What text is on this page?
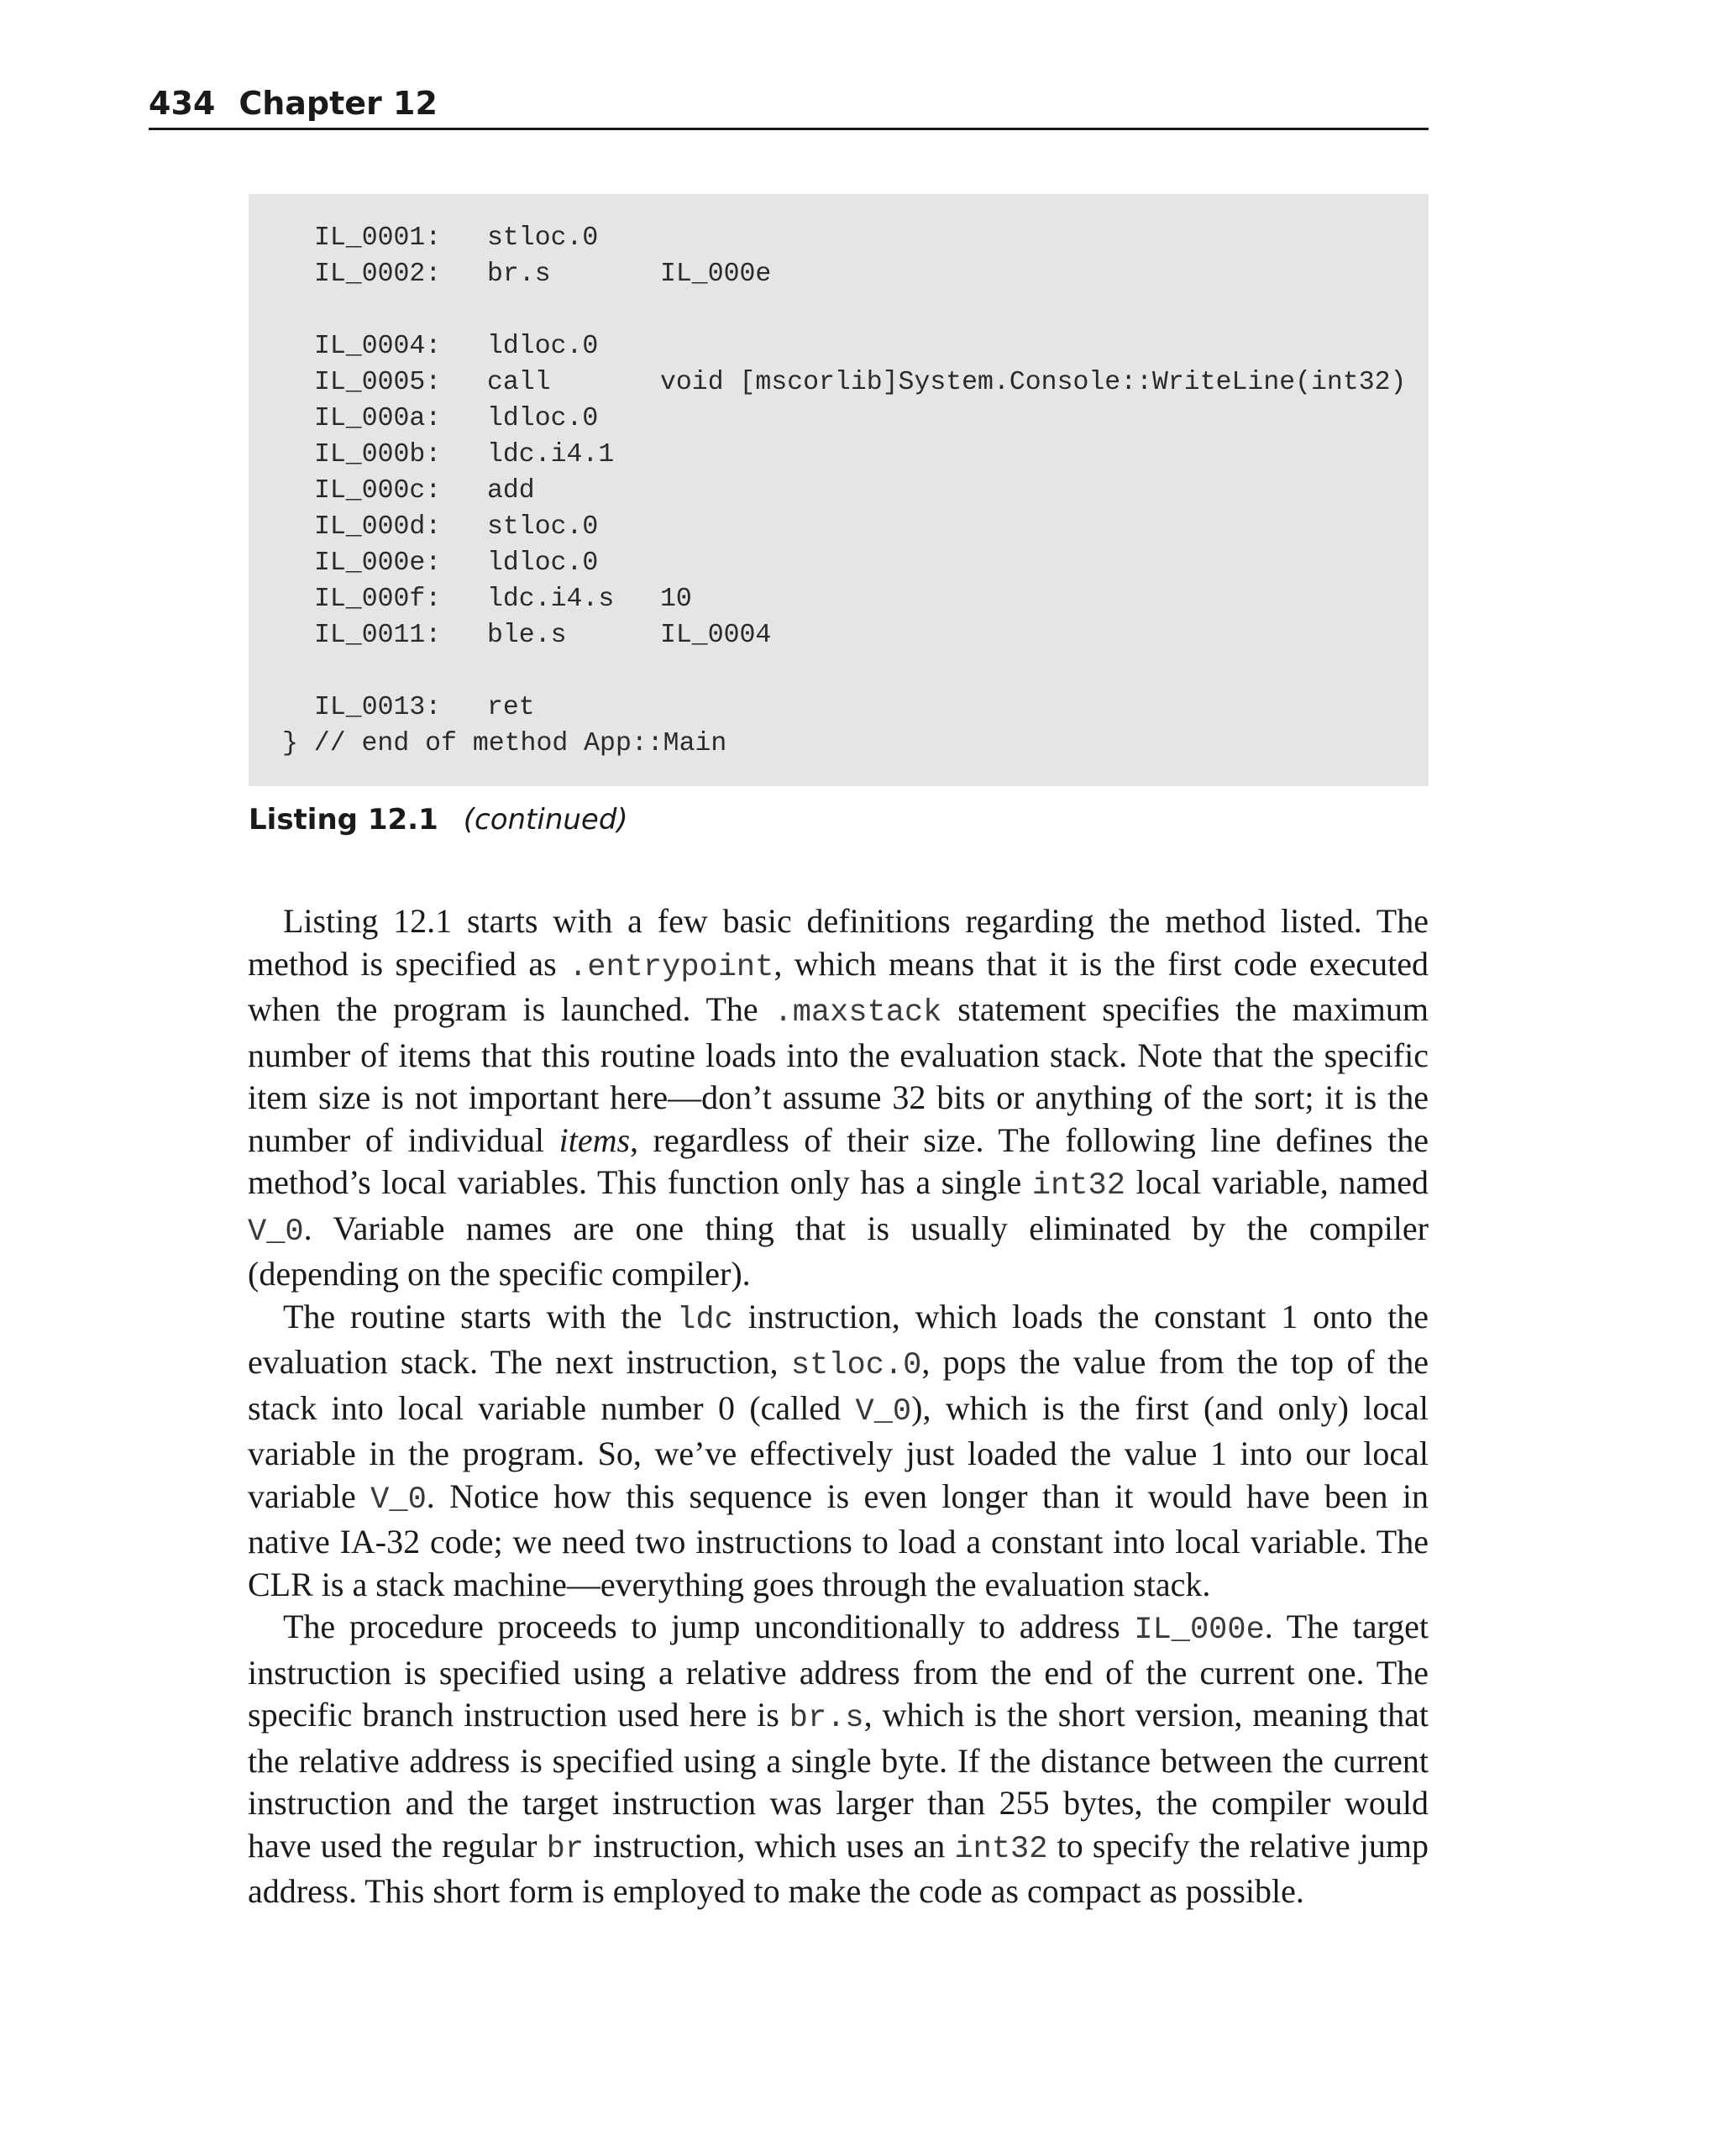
434 Chapter 12
IL_0001: stloc.0
IL_0002: br.s	IL_000e
IL_0004: ldloc.0
IL_0005: call	void [mscorlib]System.Console::WriteLine(int32)
IL_000a: ldloc.0
IL_000b: ldc.i4.1
IL_000c: add
IL_000d: stloc.0
IL_000e: ldloc.0
IL_000f: ldc.i4.s 10
IL_0011: ble.s	IL_0004
IL_0013: ret
} // end of method App::Main
Listing 12.1 (continued)

Listing 12.1 starts with a few basic definitions regarding the method listed. The method is specified as .entrypoint, which means that it is the first code executed when the program is launched. The .maxstack statement specifies the maximum number of items that this routine loads into the evaluation stack. Note that the specific item size is not important here—don’t assume 32 bits or anything of the sort; it is the number of individual items, regardless of their size. The following line defines the method’s local variables. This function only has a single int32 local variable, named V_0. Variable names are one thing that is usually eliminated by the compiler (depending on the specific compiler).

The routine starts with the ldc instruction, which loads the constant 1 onto the evaluation stack. The next instruction, stloc.0, pops the value from the top of the stack into local variable number 0 (called V_0), which is the first (and only) local variable in the program. So, we’ve effectively just loaded the value 1 into our local variable V_0. Notice how this sequence is even longer than it would have been in native IA-32 code; we need two instructions to load a constant into local variable. The CLR is a stack machine—everything goes through the evaluation stack.

The procedure proceeds to jump unconditionally to address IL_000e. The target instruction is specified using a relative address from the end of the current one. The specific branch instruction used here is br.s, which is the short version, meaning that the relative address is specified using a single byte. If the distance between the current instruction and the target instruction was larger than 255 bytes, the compiler would have used the regular br instruction, which uses an int32 to specify the relative jump address. This short form is employed to make the code as compact as possible.
